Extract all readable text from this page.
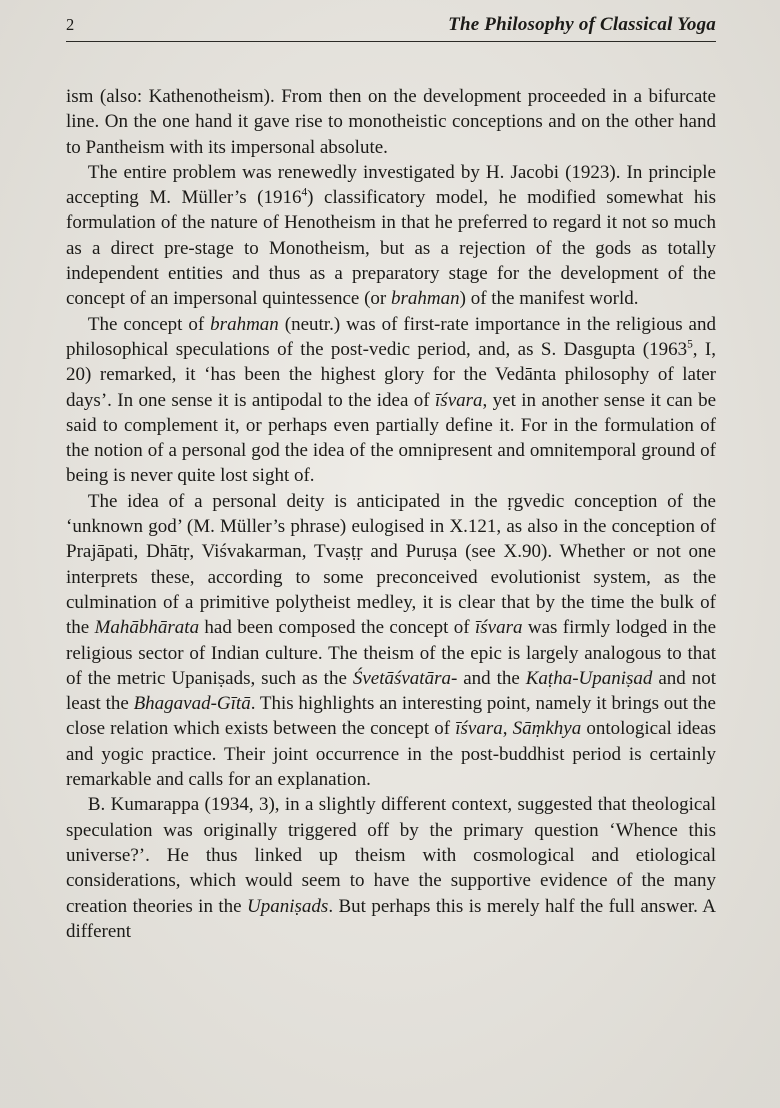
2	The Philosophy of Classical Yoga

ism (also: Kathenotheism). From then on the development proceeded in a bifurcate line. On the one hand it gave rise to monotheistic conceptions and on the other hand to Pantheism with its impersonal absolute.

The entire problem was renewedly investigated by H. Jacobi (1923). In principle accepting M. Müller’s (1916$^4$) classificatory model, he modified somewhat his formulation of the nature of Henotheism in that he preferred to regard it not so much as a direct pre-stage to Monotheism, but as a rejection of the gods as totally independent entities and thus as a preparatory stage for the development of the concept of an impersonal quintessence (or brahman) of the manifest world.

The concept of brahman (neutr.) was of first-rate importance in the religious and philosophical speculations of the post-vedic period, and, as S. Dasgupta (1963$^5$, I, 20) remarked, it ‘has been the highest glory for the Vedānta philosophy of later days’. In one sense it is antipodal to the idea of īśvara, yet in another sense it can be said to complement it, or perhaps even partially define it. For in the formulation of the notion of a personal god the idea of the omnipresent and omnitemporal ground of being is never quite lost sight of.

The idea of a personal deity is anticipated in the ṛgvedic conception of the ‘unknown god’ (M. Müller’s phrase) eulogised in X.121, as also in the conception of Prajāpati, Dhātṛ, Viśvakarman, Tvaṣṭṛ and Puruṣa (see X.90). Whether or not one interprets these, according to some preconceived evolutionist system, as the culmination of a primitive polytheist medley, it is clear that by the time the bulk of the Mahābhārata had been composed the concept of īśvara was firmly lodged in the religious sector of Indian culture. The theism of the epic is largely analogous to that of the metric Upaniṣads, such as the Śvetāśvatāra- and the Kaṭha-Upaniṣad and not least the Bhagavad-Gītā. This highlights an interesting point, namely it brings out the close relation which exists between the concept of īśvara, Sāṃkhya ontological ideas and yogic practice. Their joint occurrence in the post-buddhist period is certainly remarkable and calls for an explanation.

B. Kumarappa (1934, 3), in a slightly different context, suggested that theological speculation was originally triggered off by the primary question ‘Whence this universe?’. He thus linked up theism with cosmological and etiological considerations, which would seem to have the supportive evidence of the many creation theories in the Upaniṣads. But perhaps this is merely half the full answer. A different
